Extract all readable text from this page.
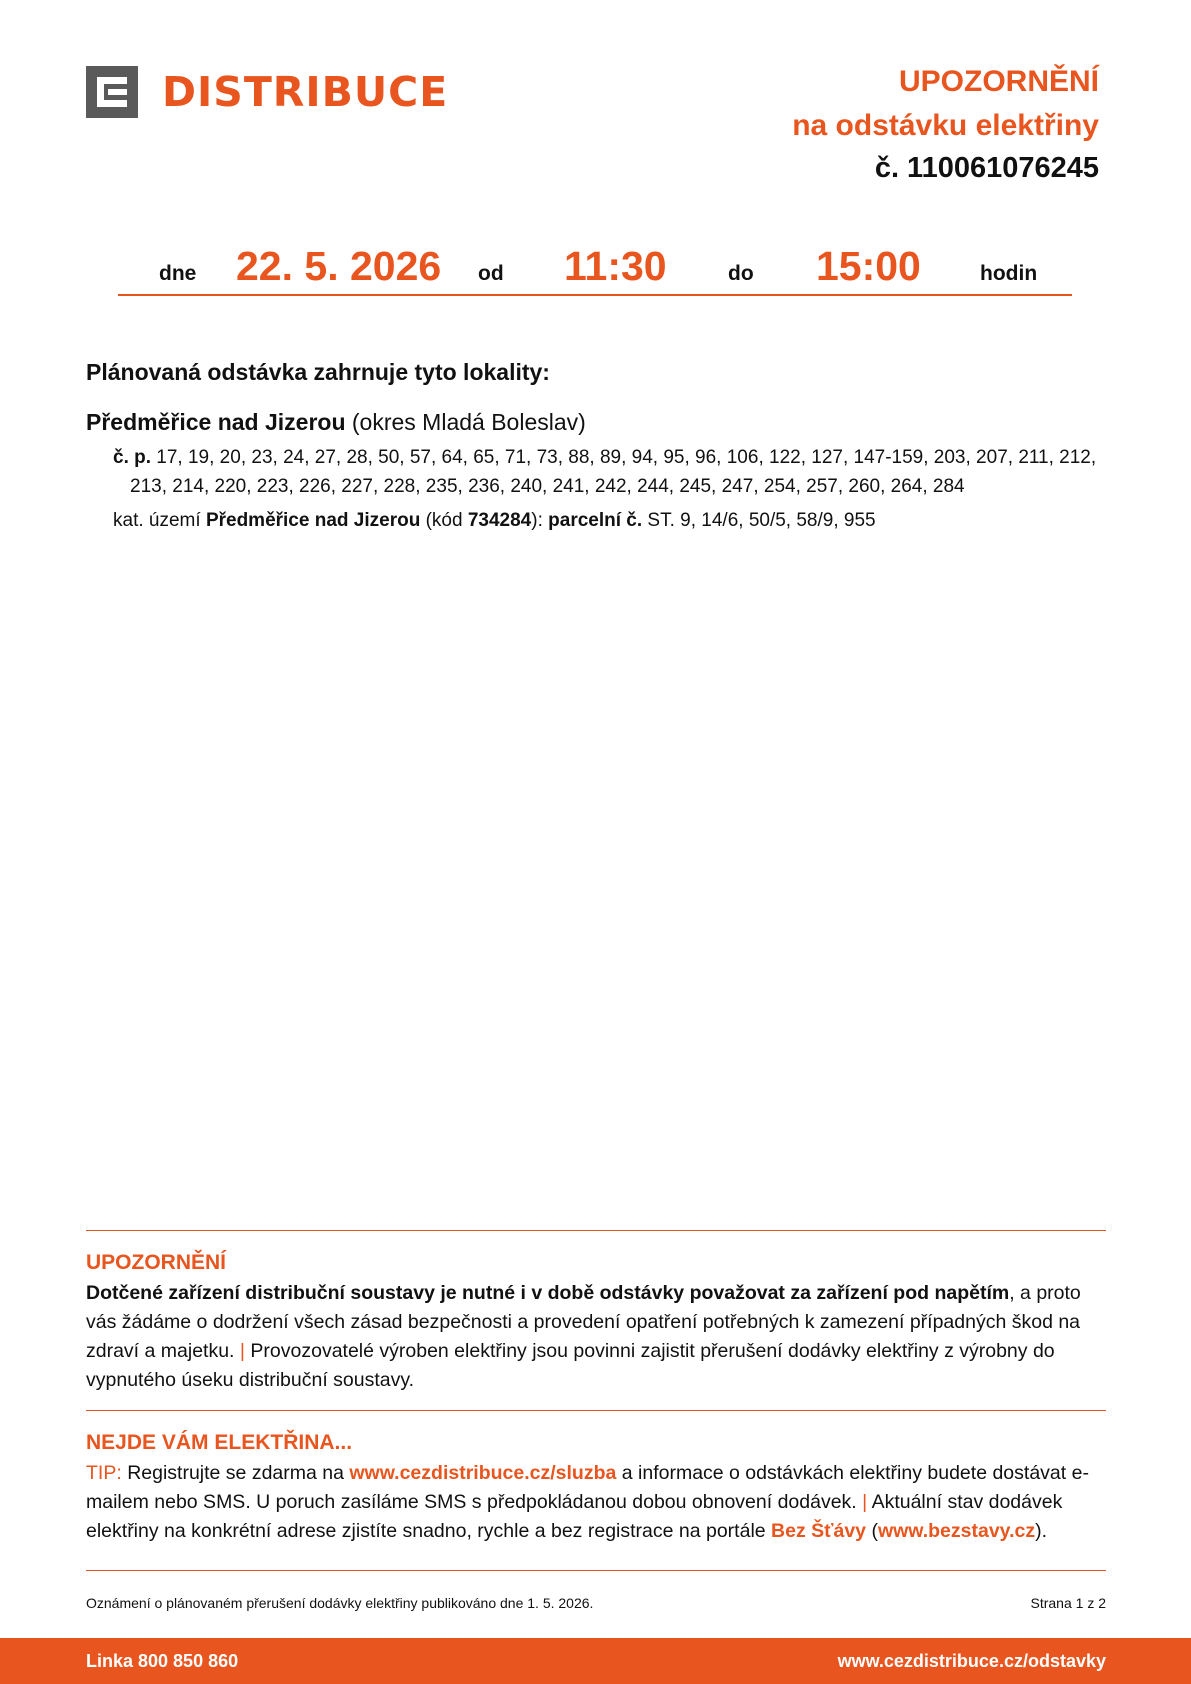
DISTRIBUCE	UPOZORNĚNÍ
na odstávku elektřiny
č. 110061076245
dne 22. 5. 2026 od 11:30	do 15:00	hodin
Plánovaná odstávka zahrnuje tyto lokality:
Předměřice nad Jizerou (okres Mladá Boleslav)
č. p. 17, 19, 20, 23, 24, 27, 28, 50, 57, 64, 65, 71, 73, 88, 89, 94, 95, 96, 106, 122, 127, 147-159, 203, 207, 211, 212, 213, 214, 220, 223, 226, 227, 228, 235, 236, 240, 241, 242, 244, 245, 247, 254, 257, 260, 264, 284
kat. území Předměřice nad Jizerou (kód 734284): parcelní č. ST. 9, 14/6, 50/5, 58/9, 955
UPOZORNĚNÍ
Dotčené zařízení distribuční soustavy je nutné i v době odstávky považovat za zařízení pod napětím, a proto vás žádáme o dodržení všech zásad bezpečnosti a provedení opatření potřebných k zamezení případných škod na zdraví a majetku. | Provozovatelé výroben elektřiny jsou povinni zajistit přerušení dodávky elektřiny z výrobny do vypnutého úseku distribuční soustavy.
NEJDE VÁM ELEKTŘINA...
TIP: Registrujte se zdarma na www.cezdistribuce.cz/sluzba a informace o odstávkách elektřiny budete dostávat e-mailem nebo SMS. U poruch zasíláme SMS s předpokládanou dobou obnovení dodávek. | Aktuální stav dodávek elektřiny na konkrétní adrese zjistíte snadno, rychle a bez registrace na portále Bez Šťávy (www.bezstavy.cz).
Oznámení o plánovaném přerušení dodávky elektřiny publikováno dne 1. 5. 2026.	Strana 1 z 2
Linka 800 850 860	www.cezdistribuce.cz/odstavky
